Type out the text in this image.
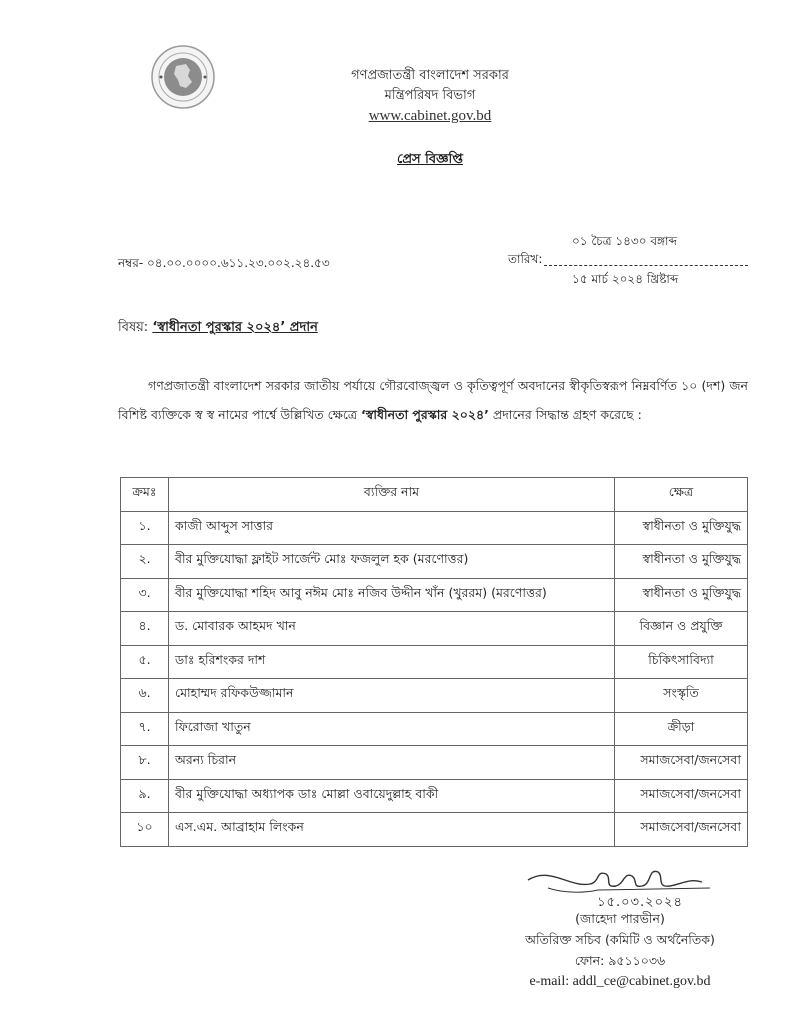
গণপ্রজাতন্ত্রী বাংলাদেশ সরকার
মন্ত্রিপরিষদ বিভাগ
www.cabinet.gov.bd
প্রেস বিজ্ঞপ্তি
নম্বর- ০৪.০০.০০০০.৬১১.২৩.০০২.২৪.৫৩
০১ চৈত্র ১৪৩০ বঙ্গাব্দ
তারিখ:
১৫ মার্চ ২০২৪ খ্রিষ্টাব্দ
বিষয়: ‘স্বাধীনতা পুরস্কার ২০২৪’ প্রদান
গণপ্রজাতন্ত্রী বাংলাদেশ সরকার জাতীয় পর্যায়ে গৌরবোজ্জ্বল ও কৃতিত্বপূর্ণ অবদানের স্বীকৃতিস্বরূপ নিম্নবর্ণিত ১০ (দশ) জন বিশিষ্ট ব্যক্তিকে স্ব স্ব নামের পার্শ্বে উল্লিখিত ক্ষেত্রে ‘স্বাধীনতা পুরস্কার ২০২৪’ প্রদানের সিদ্ধান্ত গ্রহণ করেছে :
ক্রমঃ	ব্যক্তির নাম	ক্ষেত্র
১.	কাজী আব্দুস সাত্তার	স্বাধীনতা ও মুক্তিযুদ্ধ
২.	বীর মুক্তিযোদ্ধা ফ্লাইট সার্জেন্ট মোঃ ফজলুল হক (মরণোত্তর)	স্বাধীনতা ও মুক্তিযুদ্ধ
৩.	বীর মুক্তিযোদ্ধা শহিদ আবু নঈম মোঃ নজিব উদ্দীন খাঁন (খুররম) (মরণোত্তর)	স্বাধীনতা ও মুক্তিযুদ্ধ
৪.	ড. মোবারক আহমদ খান	বিজ্ঞান ও প্রযুক্তি
৫.	ডাঃ হরিশংকর দাশ	চিকিৎসাবিদ্যা
৬.	মোহাম্মদ রফিকউজ্জামান	সংস্কৃতি
৭.	ফিরোজা খাতুন	ক্রীড়া
৮.	অরন্য চিরান	সমাজসেবা/জনসেবা
৯.	বীর মুক্তিযোদ্ধা অধ্যাপক ডাঃ মোল্লা ওবায়েদুল্লাহ বাকী	সমাজসেবা/জনসেবা
১০	এস.এম. আব্রাহাম লিংকন	সমাজসেবা/জনসেবা
১৫.০৩.২০২৪
(জাহেদা পারভীন)
অতিরিক্ত সচিব (কমিটি ও অর্থনৈতিক)
ফোন: ৯৫১১০৩৬
e-mail: addl_ce@cabinet.gov.bd
